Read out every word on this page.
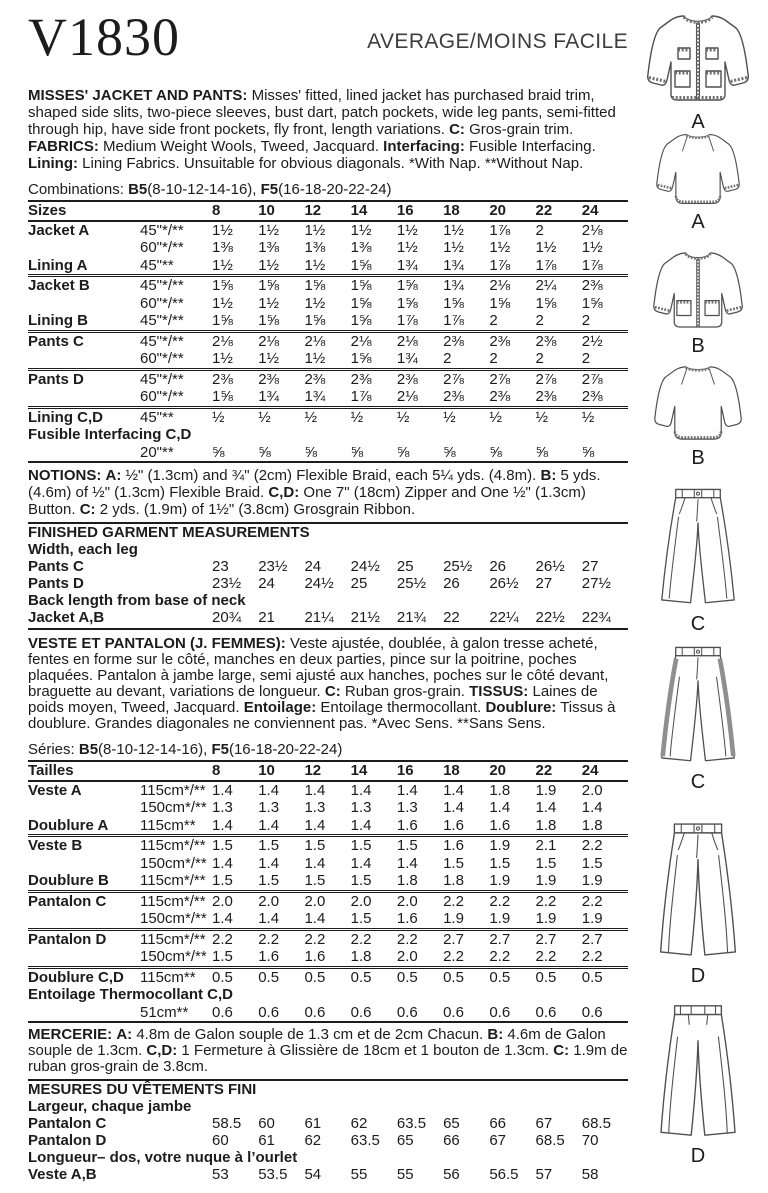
V1830	AVERAGE/MOINS FACILE

MISSES' JACKET AND PANTS: Misses' fitted, lined jacket has purchased braid trim, shaped side slits, two-piece sleeves, bust dart, patch pockets, wide leg pants, semi-fitted through hip, have side front pockets, fly front, length variations. C: Gros-grain trim. FABRICS: Medium Weight Wools, Tweed, Jacquard. Interfacing: Fusible Interfacing. Lining: Lining Fabrics. Unsuitable for obvious diagonals. *With Nap. **Without Nap.

Combinations: B5(8-10-12-14-16), F5(16-18-20-22-24)

Sizes		8	10	12	14	16	18	20	22	24
Jacket A	45"*/**	1½	1½	1½	1½	1½	1½	1⅞	2	2⅛
	60"*/**	1⅜	1⅜	1⅜	1⅜	1½	1½	1½	1½	1½
Lining A	45"**	1½	1½	1½	1⅝	1¾	1¾	1⅞	1⅞	1⅞
Jacket B	45"*/**	1⅝	1⅝	1⅝	1⅝	1⅝	1¾	2⅛	2¼	2⅜
	60"*/**	1½	1½	1½	1⅝	1⅝	1⅝	1⅝	1⅝	1⅝
Lining B	45"*/**	1⅝	1⅝	1⅝	1⅝	1⅞	1⅞	2	2	2
Pants C	45"*/**	2⅛	2⅛	2⅛	2⅛	2⅛	2⅜	2⅜	2⅜	2½
	60"*/**	1½	1½	1½	1⅝	1¾	2	2	2	2
Pants D	45"*/**	2⅜	2⅜	2⅜	2⅜	2⅜	2⅞	2⅞	2⅞	2⅞
	60"*/**	1⅝	1¾	1¾	1⅞	2⅛	2⅜	2⅜	2⅜	2⅜
Lining C,D	45"**	½	½	½	½	½	½	½	½	½
Fusible Interfacing C,D										
	20"**	⅝	⅝	⅝	⅝	⅝	⅝	⅝	⅝	⅝

NOTIONS: A: ½" (1.3cm) and ¾" (2cm) Flexible Braid, each 5¼ yds. (4.8m). B: 5 yds. (4.6m) of ½" (1.3cm) Flexible Braid. C,D: One 7" (18cm) Zipper and One ½" (1.3cm) Button. C: 2 yds. (1.9m) of 1½" (3.8cm) Grosgrain Ribbon.

FINISHED GARMENT MEASUREMENTS
Width, each leg										
Pants C		23	23½	24	24½	25	25½	26	26½	27
Pants D		23½	24	24½	25	25½	26	26½	27	27½
Back length from base of neck										
Jacket A,B		20¾	21	21¼	21½	21¾	22	22¼	22½	22¾

VESTE ET PANTALON (J. FEMMES): Veste ajustée, doublée, à galon tresse acheté, fentes en forme sur le côté, manches en deux parties, pince sur la poitrine, poches plaquées. Pantalon à jambe large, semi ajusté aux hanches, poches sur le côté devant, braguette au devant, variations de longueur. C: Ruban gros-grain. TISSUS: Laines de poids moyen, Tweed, Jacquard. Entoilage: Entoilage thermocollant. Doublure: Tissus à doublure. Grandes diagonales ne conviennent pas. *Avec Sens. **Sans Sens.

Séries: B5(8-10-12-14-16), F5(16-18-20-22-24)

Tailles		8	10	12	14	16	18	20	22	24
Veste A	115cm*/**	1.4	1.4	1.4	1.4	1.4	1.4	1.8	1.9	2.0
	150cm*/**	1.3	1.3	1.3	1.3	1.3	1.4	1.4	1.4	1.4
Doublure A	115cm**	1.4	1.4	1.4	1.4	1.6	1.6	1.6	1.8	1.8
Veste B	115cm*/**	1.5	1.5	1.5	1.5	1.5	1.6	1.9	2.1	2.2
	150cm*/**	1.4	1.4	1.4	1.4	1.4	1.5	1.5	1.5	1.5
Doublure B	115cm*/**	1.5	1.5	1.5	1.5	1.8	1.8	1.9	1.9	1.9
Pantalon C	115cm*/**	2.0	2.0	2.0	2.0	2.0	2.2	2.2	2.2	2.2
	150cm*/**	1.4	1.4	1.4	1.5	1.6	1.9	1.9	1.9	1.9
Pantalon D	115cm*/**	2.2	2.2	2.2	2.2	2.2	2.7	2.7	2.7	2.7
	150cm*/**	1.5	1.6	1.6	1.8	2.0	2.2	2.2	2.2	2.2
Doublure C,D	115cm**	0.5	0.5	0.5	0.5	0.5	0.5	0.5	0.5	0.5
Entoilage Thermocollant C,D										
	51cm**	0.6	0.6	0.6	0.6	0.6	0.6	0.6	0.6	0.6

MERCERIE: A: 4.8m de Galon souple de 1.3 cm et de 2cm Chacun. B: 4.6m de Galon souple de 1.3cm. C,D: 1 Fermeture à Glissière de 18cm et 1 bouton de 1.3cm. C: 1.9m de ruban gros-grain de 3.8cm.

MESURES DU VÊTEMENTS FINI
Largeur, chaque jambe										
Pantalon C		58.5	60	61	62	63.5	65	66	67	68.5
Pantalon D		60	61	62	63.5	65	66	67	68.5	70
Longueur– dos, votre nuque à l’ourlet										
Veste A,B		53	53.5	54	55	55	56	56.5	57	58
A
A
B
B
C
C
D
D
